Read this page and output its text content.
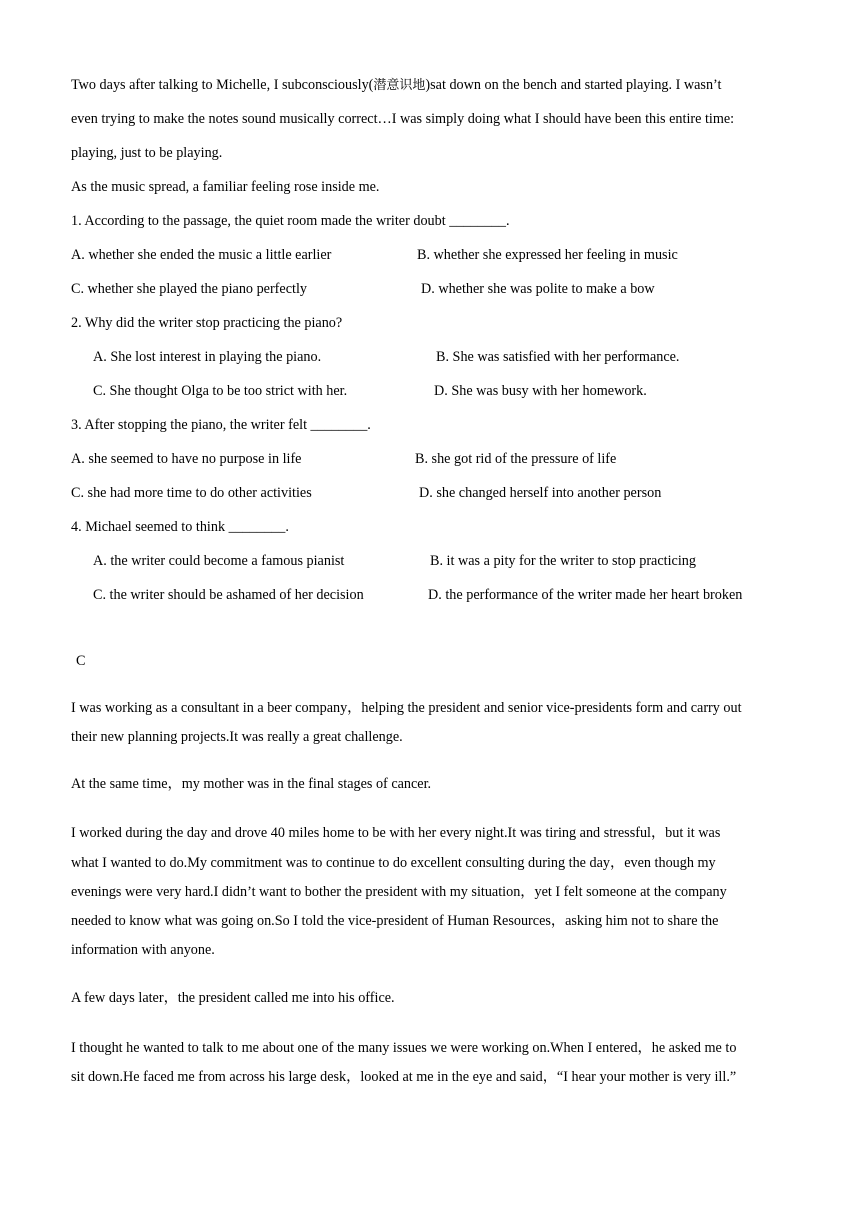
Two days after talking to Michelle, I subconsciously(潜意识地)sat down on the bench and started playing. I wasn’t
even trying to make the notes sound musically correct…I was simply doing what I should have been this entire time:
playing, just to be playing.
As the music spread, a familiar feeling rose inside me.
1. According to the passage, the quiet room made the writer doubt ________.
A. whether she ended the music a little earlier	B. whether she expressed her feeling in music
C. whether she played the piano perfectly	D. whether she was polite to make a bow
2. Why did the writer stop practicing the piano?
A. She lost interest in playing the piano.	B. She was satisfied with her performance.
C. She thought Olga to be too strict with her.	D. She was busy with her homework.
3. After stopping the piano, the writer felt ________.
A. she seemed to have no purpose in life	B. she got rid of the pressure of life
C. she had more time to do other activities	D. she changed herself into another person
4. Michael seemed to think ________.
A. the writer could become a famous pianist	B. it was a pity for the writer to stop practicing
C. the writer should be ashamed of her decision	D. the performance of the writer made her heart broken
C
I was working as a consultant in a beer company，helping the president and senior vice-presidents form and carry out
their new planning projects.It was really a great challenge.
At the same time，my mother was in the final stages of cancer.
I worked during the day and drove 40 miles home to be with her every night.It was tiring and stressful，but it was
what I wanted to do.My commitment was to continue to do excellent consulting during the day，even though my
evenings were very hard.I didn’t want to bother the president with my situation，yet I felt someone at the company
needed to know what was going on.So I told the vice-president of Human Resources，asking him not to share the
information with anyone.
A few days later，the president called me into his office.
I thought he wanted to talk to me about one of the many issues we were working on.When I entered，he asked me to
sit down.He faced me from across his large desk，looked at me in the eye and said，“I hear your mother is very ill.”
